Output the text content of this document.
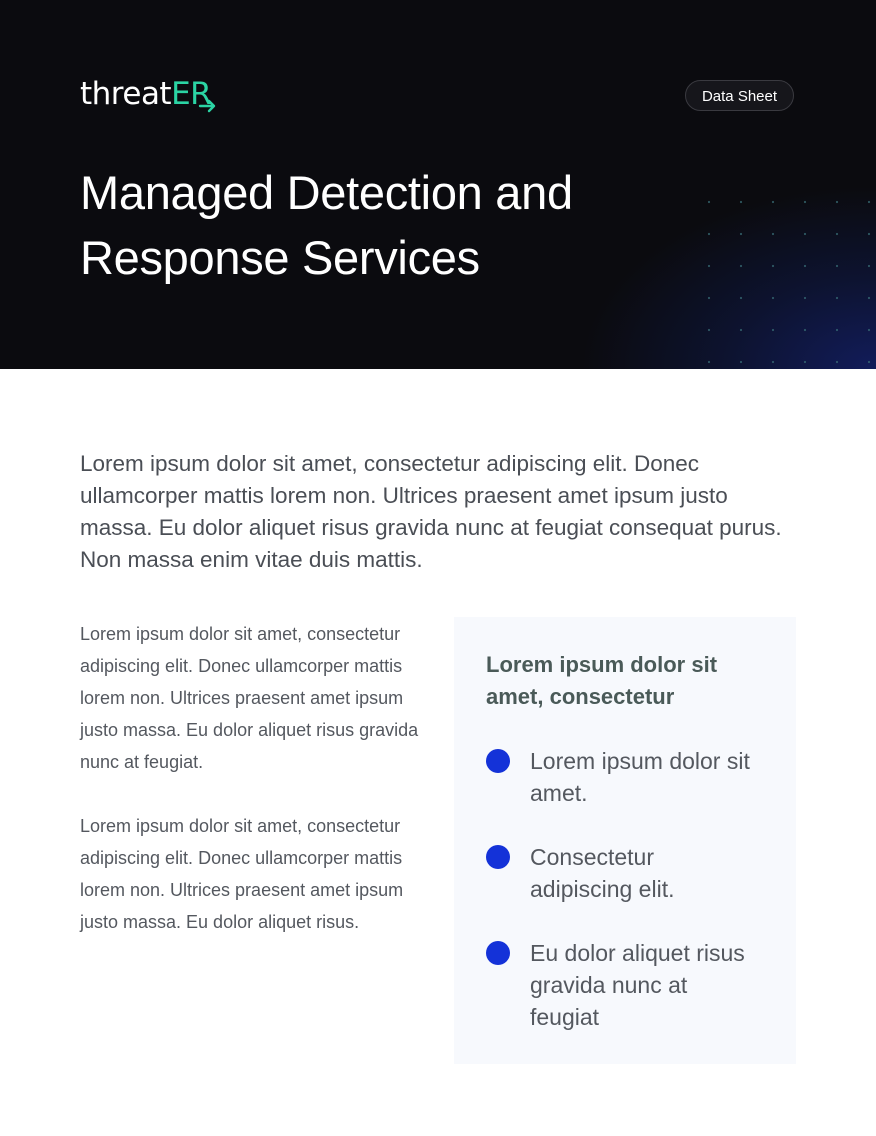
threat ER	Data Sheet
Managed Detection and
Response Services

Lorem ipsum dolor sit amet, consectetur adipiscing elit. Donec ullamcorper mattis lorem non. Ultrices praesent amet ipsum justo massa. Eu dolor aliquet risus gravida nunc at feugiat consequat purus. Non massa enim vitae duis mattis.

Lorem ipsum dolor sit amet, consectetur adipiscing elit. Donec ullamcorper mattis lorem non. Ultrices praesent amet ipsum justo massa. Eu dolor aliquet risus gravida nunc at feugiat.

Lorem ipsum dolor sit amet, consectetur adipiscing elit. Donec ullamcorper mattis lorem non. Ultrices praesent amet ipsum justo massa. Eu dolor aliquet risus.

Lorem ipsum dolor sit amet, consectetur
Lorem ipsum dolor sit amet.
Consectetur adipiscing elit.
Eu dolor aliquet risus gravida nunc at feugiat
